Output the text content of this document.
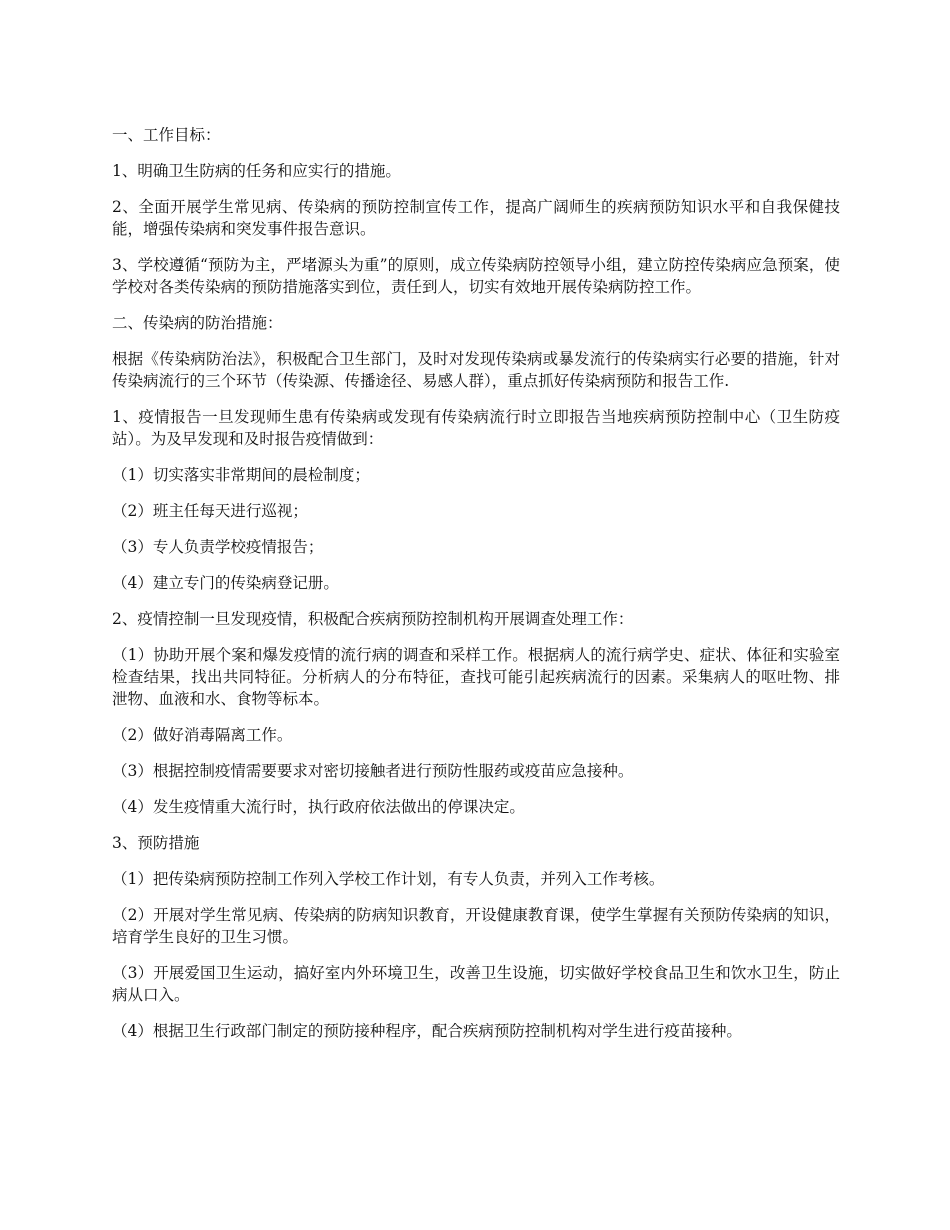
一、工作目标：

1、明确卫生防病的任务和应实行的措施。

2、全面开展学生常见病、传染病的预防控制宣传工作，提高广阔师生的疾病预防知识水平和自我保健技能，增强传染病和突发事件报告意识。

3、学校遵循“预防为主，严堵源头为重”的原则，成立传染病防控领导小组，建立防控传染病应急预案，使学校对各类传染病的预防措施落实到位，责任到人，切实有效地开展传染病防控工作。

二、传染病的防治措施：

根据《传染病防治法》，积极配合卫生部门，及时对发现传染病或暴发流行的传染病实行必要的措施，针对传染病流行的三个环节（传染源、传播途径、易感人群），重点抓好传染病预防和报告工作.

1、疫情报告一旦发现师生患有传染病或发现有传染病流行时立即报告当地疾病预防控制中心（卫生防疫站）。为及早发现和及时报告疫情做到：

（1）切实落实非常期间的晨检制度；

（2）班主任每天进行巡视；

（3）专人负责学校疫情报告；

（4）建立专门的传染病登记册。

2、疫情控制一旦发现疫情，积极配合疾病预防控制机构开展调查处理工作：

（1）协助开展个案和爆发疫情的流行病的调查和采样工作。根据病人的流行病学史、症状、体征和实验室检查结果，找出共同特征。分析病人的分布特征，查找可能引起疾病流行的因素。采集病人的呕吐物、排泄物、血液和水、食物等标本。

（2）做好消毒隔离工作。

（3）根据控制疫情需要要求对密切接触者进行预防性服药或疫苗应急接种。

（4）发生疫情重大流行时，执行政府依法做出的停课决定。

3、预防措施

（1）把传染病预防控制工作列入学校工作计划，有专人负责，并列入工作考核。

（2）开展对学生常见病、传染病的防病知识教育，开设健康教育课，使学生掌握有关预防传染病的知识，培育学生良好的卫生习惯。

（3）开展爱国卫生运动，搞好室内外环境卫生，改善卫生设施，切实做好学校食品卫生和饮水卫生，防止病从口入。

（4）根据卫生行政部门制定的预防接种程序，配合疾病预防控制机构对学生进行疫苗接种。
